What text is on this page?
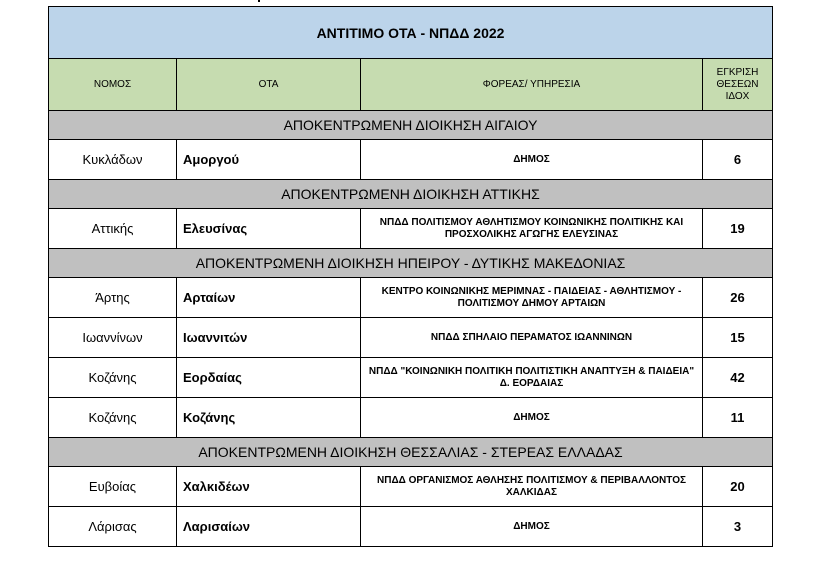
ΑΝΤΙΤΙΜΟ ΟΤΑ - ΝΠΔΔ 2022			
ΝΟΜΟΣ	ΟΤΑ	ΦΟΡΕΑΣ/ ΥΠΗΡΕΣΙΑ	ΕΓΚΡΙΣΗ ΘΕΣΕΩΝ ΙΔΟΧ
ΑΠΟΚΕΝΤΡΩΜΕΝΗ ΔΙΟΙΚΗΣΗ ΑΙΓΑΙΟΥ			
Κυκλάδων	Αμοργού	ΔΗΜΟΣ	6
ΑΠΟΚΕΝΤΡΩΜΕΝΗ ΔΙΟΙΚΗΣΗ ΑΤΤΙΚΗΣ			
Αττικής	Ελευσίνας	ΝΠΔΔ ΠΟΛΙΤΙΣΜΟΥ ΑΘΛΗΤΙΣΜΟΥ ΚΟΙΝΩΝΙΚΗΣ ΠΟΛΙΤΙΚΗΣ ΚΑΙ ΠΡΟΣΧΟΛΙΚΗΣ ΑΓΩΓΗΣ ΕΛΕΥΣΙΝΑΣ	19
ΑΠΟΚΕΝΤΡΩΜΕΝΗ ΔΙΟΙΚΗΣΗ ΗΠΕΙΡΟΥ - ΔΥΤΙΚΗΣ ΜΑΚΕΔΟΝΙΑΣ			
Άρτης	Αρταίων	ΚΕΝΤΡΟ ΚΟΙΝΩΝΙΚΗΣ ΜΕΡΙΜΝΑΣ - ΠΑΙΔΕΙΑΣ - ΑΘΛΗΤΙΣΜΟΥ - ΠΟΛΙΤΙΣΜΟΥ ΔΗΜΟΥ ΑΡΤΑΙΩΝ	26
Ιωαννίνων	Ιωαννιτών	ΝΠΔΔ ΣΠΗΛΑΙΟ ΠΕΡΑΜΑΤΟΣ ΙΩΑΝΝΙΝΩΝ	15
Κοζάνης	Εορδαίας	ΝΠΔΔ "ΚΟΙΝΩΝΙΚΗ ΠΟΛΙΤΙΚΗ ΠΟΛΙΤΙΣΤΙΚΗ ΑΝΑΠΤΥΞΗ & ΠΑΙΔΕΙΑ" Δ. ΕΟΡΔΑΙΑΣ	42
Κοζάνης	Κοζάνης	ΔΗΜΟΣ	11
ΑΠΟΚΕΝΤΡΩΜΕΝΗ ΔΙΟΙΚΗΣΗ ΘΕΣΣΑΛΙΑΣ - ΣΤΕΡΕΑΣ ΕΛΛΑΔΑΣ			
Ευβοίας	Χαλκιδέων	ΝΠΔΔ ΟΡΓΑΝΙΣΜΟΣ ΑΘΛΗΣΗΣ ΠΟΛΙΤΙΣΜΟΥ & ΠΕΡΙΒΑΛΛΟΝΤΟΣ ΧΑΛΚΙΔΑΣ	20
Λάρισας	Λαρισαίων	ΔΗΜΟΣ	3
